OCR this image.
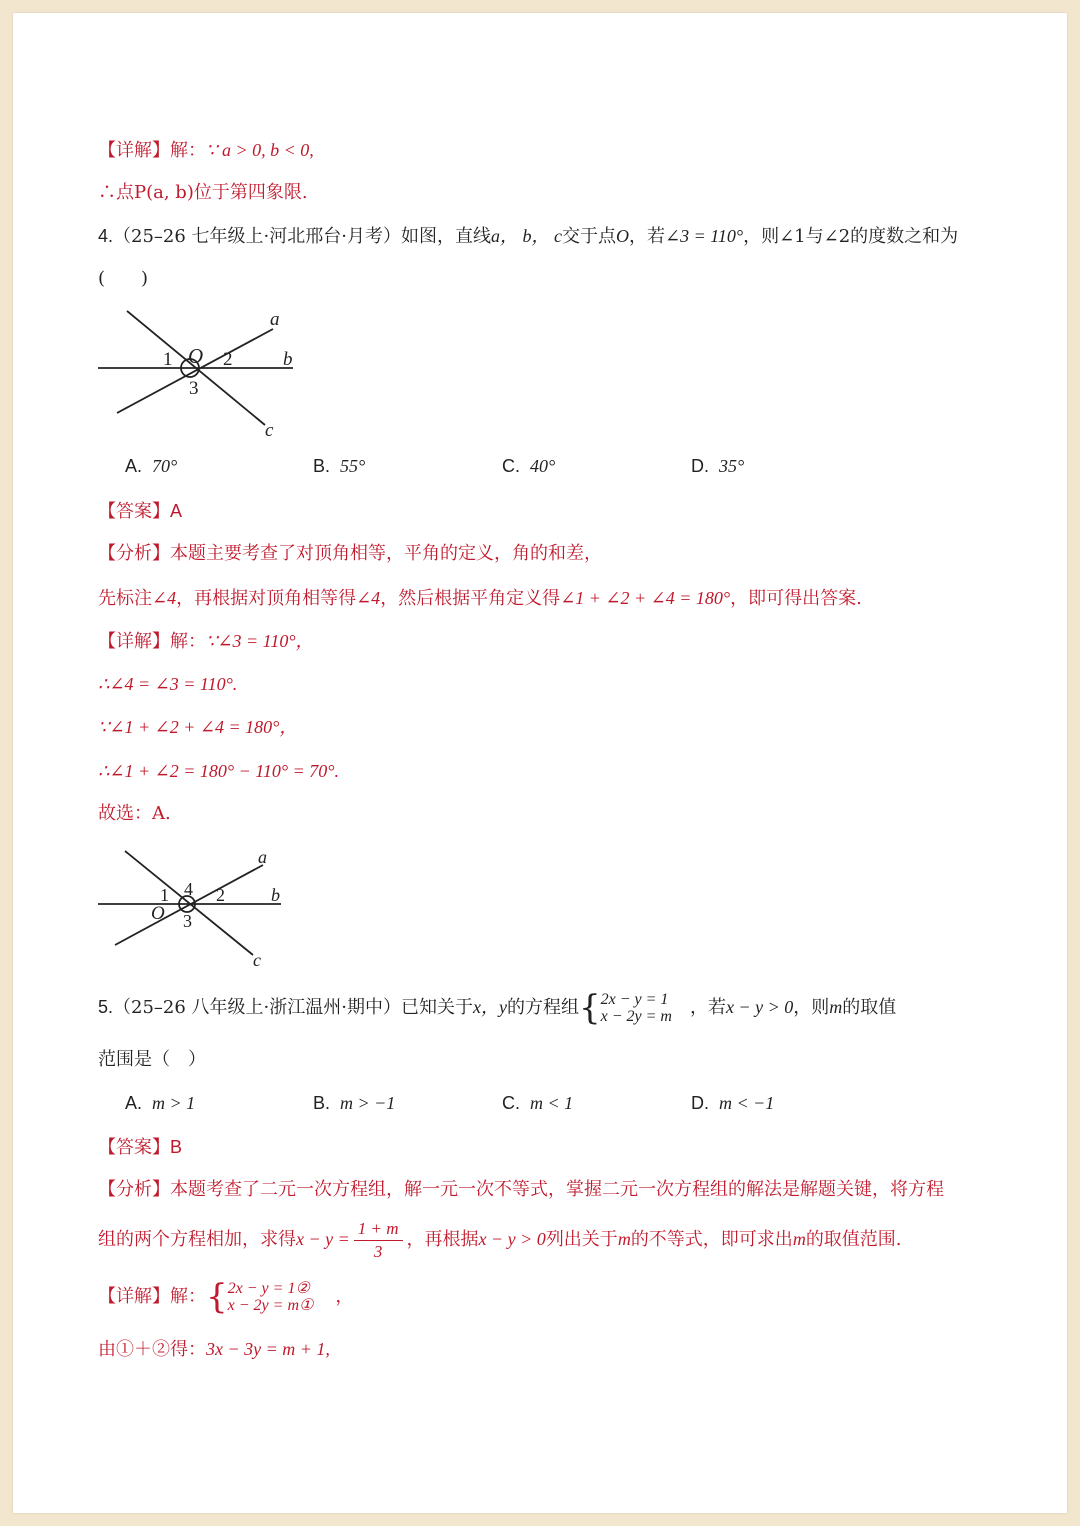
【详解】解：∵ a > 0, b < 0,
∴点P(a, b)位于第四象限.
4.（25–26 七年级上·河北邢台·月考）如图，直线a， b， c交于点O，若∠3 = 110°，则∠1与∠2的度数之和为
(　　)
a
1 O 2	b
3
c
A. 70°	B. 55°	C. 40°	D. 35°
【答案】A
【分析】本题主要考查了对顶角相等，平角的定义，角的和差，
先标注∠4，再根据对顶角相等得∠4，然后根据平角定义得∠1 + ∠2 + ∠4 = 180°，即可得出答案.
【详解】解：∵∠3 = 110°，
∴∠4 = ∠3 = 110°.
∵∠1 + ∠2 + ∠4 = 180°，
∴∠1 + ∠2 = 180° − 110° = 70°.
故选：A.
a
1 4 2	b
O 3
c
5.（25–26 八年级上·浙江温州·期中）已知关于x，y的方程组{ 2x − y = 1
x − 2y = m ，若x − y > 0，则m的取值
范围是（　）
A. m > 1	B. m > −1	C. m < 1	D. m < −1
【答案】B
【分析】本题考查了二元一次方程组，解一元一次不等式，掌握二元一次方程组的解法是解题关键，将方程
组的两个方程相加，求得$x - y = \frac{1 + m}{3}$ ，再根据x − y > 0列出关于m的不等式，即可求出m的取值范围.
【详解】解：{ 2x − y = 1②
x − 2y = m① ，
由①＋②得：3x − 3y = m + 1,
